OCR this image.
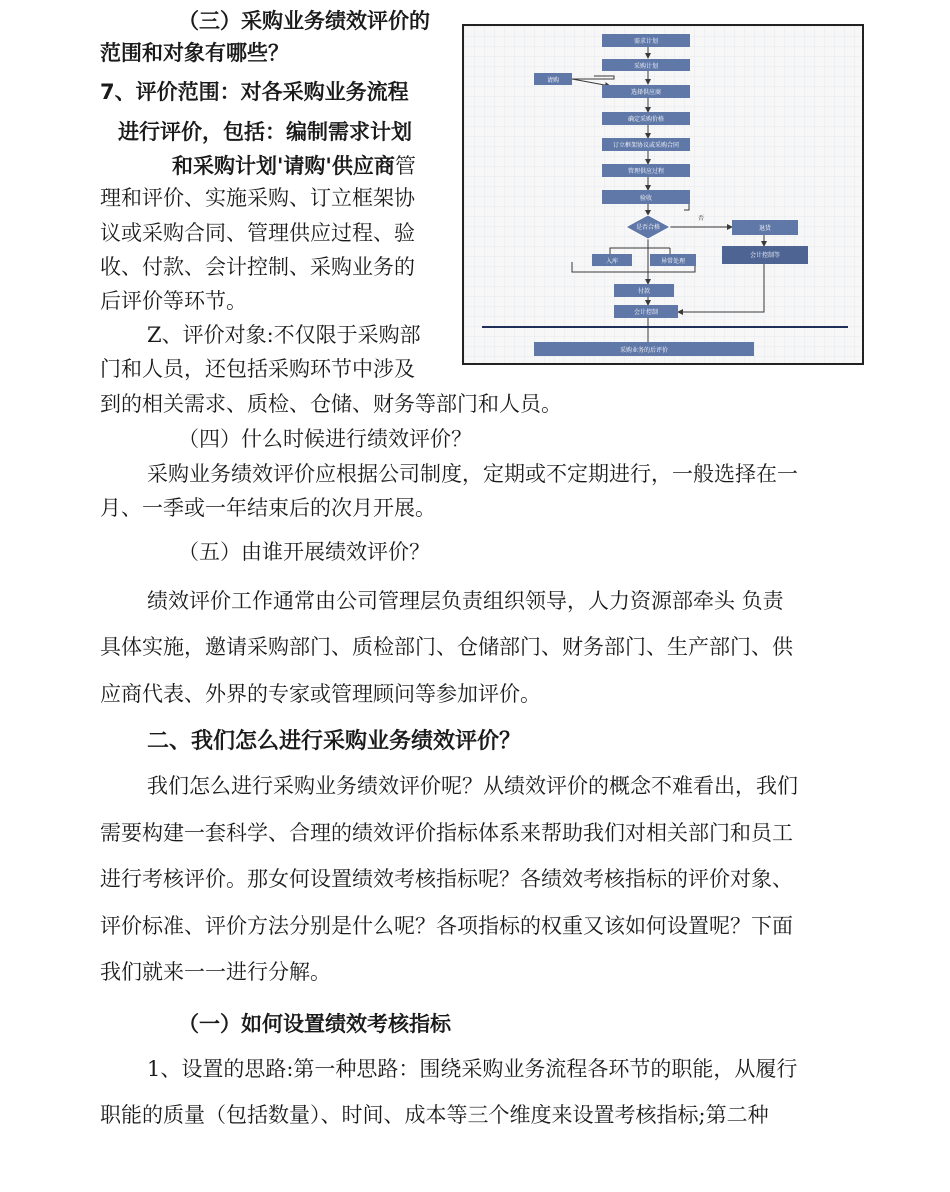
（三）采购业务绩效评价的
范围和对象有哪些？
7、评价范围：对各采购业务流程
进行评价，包括：编制需求计划
和采购计划'请购'供应商管
理和评价、实施采购、订立框架协
议或采购合同、管理供应过程、验
收、付款、会计控制、采购业务的
后评价等环节。
Z、评价对象:不仅限于采购部
门和人员，还包括采购环节中涉及
到的相关需求、质检、仓储、财务等部门和人员。
需求计划
采购计划
请购
选择供应商
确定采购价格
订立框架协议或采购合同
管理供应过程
验收
是否合格
否
退货
会计控制等
入库	异常处理
付款
会计控制
采购业务的后评价
（四）什么时候进行绩效评价？
采购业务绩效评价应根据公司制度，定期或不定期进行，一般选择在一
月、一季或一年结束后的次月开展。
（五）由谁开展绩效评价？
绩效评价工作通常由公司管理层负责组织领导，人力资源部牵头 负责
具体实施，邀请采购部门、质检部门、仓储部门、财务部门、生产部门、供
应商代表、外界的专家或管理顾问等参加评价。
二、我们怎么进行采购业务绩效评价？
我们怎么进行采购业务绩效评价呢？从绩效评价的概念不难看出，我们
需要构建一套科学、合理的绩效评价指标体系来帮助我们对相关部门和员工
进行考核评价。那女何设置绩效考核指标呢？各绩效考核指标的评价对象、
评价标准、评价方法分别是什么呢？各项指标的权重又该如何设置呢？下面
我们就来一一进行分解。
（一）如何设置绩效考核指标
1、设置的思路:第一种思路：围绕采购业务流程各环节的职能，从履行
职能的质量（包括数量）、时间、成本等三个维度来设置考核指标;第二种
